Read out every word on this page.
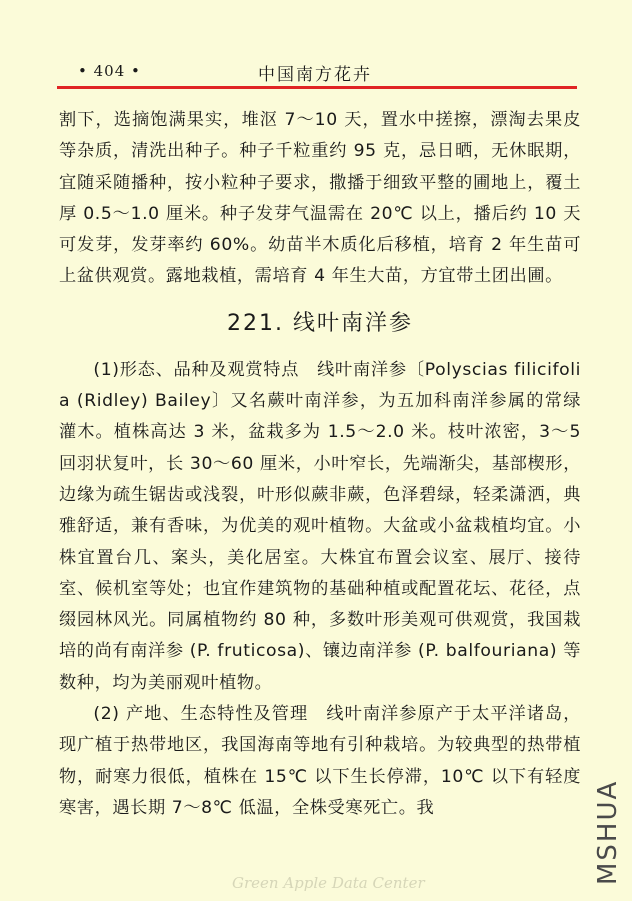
• 404 •	中国南方花卉

割下，选摘饱满果实，堆沤 7～10 天，置水中搓擦，漂淘去果皮等杂质，清洗出种子。种子千粒重约 95 克，忌日晒，无休眠期，宜随采随播种，按小粒种子要求，撒播于细致平整的圃地上，覆土厚 0.5～1.0 厘米。种子发芽气温需在 20℃ 以上，播后约 10 天可发芽，发芽率约 60%。幼苗半木质化后移植，培育 2 年生苗可上盆供观赏。露地栽植，需培育 4 年生大苗，方宜带土团出圃。

221. 线叶南洋参

(1)形态、品种及观赏特点　线叶南洋参〔Polyscias filicifolia (Ridley) Bailey〕又名蕨叶南洋参，为五加科南洋参属的常绿灌木。植株高达 3 米，盆栽多为 1.5～2.0 米。枝叶浓密，3～5 回羽状复叶，长 30～60 厘米，小叶窄长，先端渐尖，基部楔形，边缘为疏生锯齿或浅裂，叶形似蕨非蕨，色泽碧绿，轻柔潇洒，典雅舒适，兼有香味，为优美的观叶植物。大盆或小盆栽植均宜。小株宜置台几、案头，美化居室。大株宜布置会议室、展厅、接待室、候机室等处；也宜作建筑物的基础种植或配置花坛、花径，点缀园林风光。同属植物约 80 种，多数叶形美观可供观赏，我国栽培的尚有南洋参 (P. fruticosa)、镶边南洋参 (P. balfouriana) 等数种，均为美丽观叶植物。

(2) 产地、生态特性及管理　线叶南洋参原产于太平洋诸岛，现广植于热带地区，我国海南等地有引种栽培。为较典型的热带植物，耐寒力很低，植株在 15℃ 以下生长停滞，10℃ 以下有轻度寒害，遇长期 7～8℃ 低温，全株受寒死亡。我	MSHUA
Green Apple Data Center
